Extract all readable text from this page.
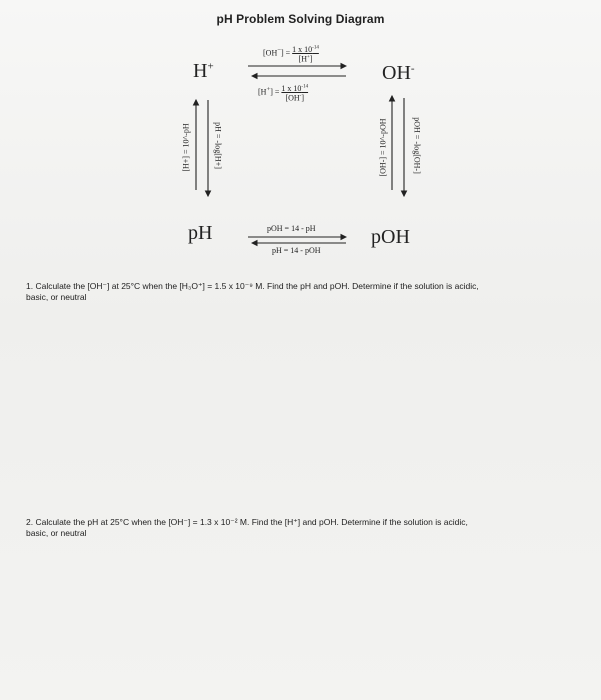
pH Problem Solving Diagram
H+	OH-
pH	pOH
[OH−] = 1 x $10^{-14}$
[H+]
[H+] = 1 x $10^{-14}$
[OH-]
[H+] = 10^-pH	pH = -log[H+]	[OH-] = 10^-pOH	pOH = -log[OH-]
pOH = 14 - pH
pH = 14 - pOH
1. Calculate the [OH⁻] at 25°C when the [H₃O⁺] = 1.5 x 10⁻⁹ M. Find the pH and pOH. Determine if the solution is acidic,
basic, or neutral
2. Calculate the pH at 25°C when the [OH⁻] = 1.3 x 10⁻² M. Find the [H⁺] and pOH. Determine if the solution is acidic,
basic, or neutral
